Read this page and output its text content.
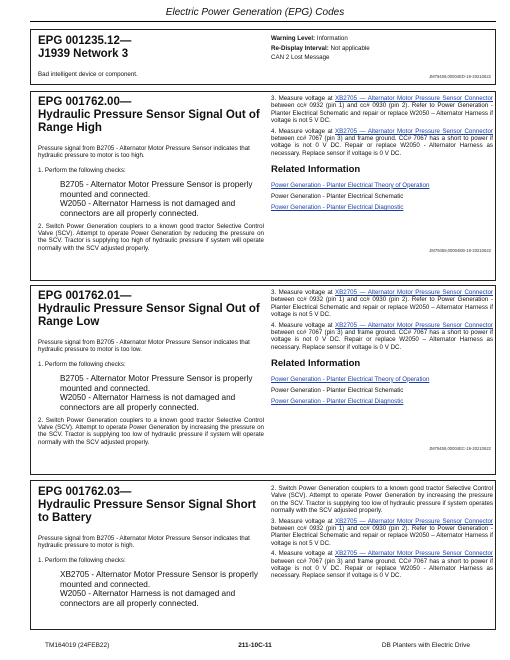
Electric Power Generation (EPG) Codes
EPG 001235.12—
J1939 Network 3
Bad intelligent device or component.

Warning Level: Information

Re-Display Interval: Not applicable

CAN 2 Lost Message

JM79459,00004ED-19-20210622
EPG 001762.00—
Hydraulic Pressure Sensor Signal Out of Range High
Pressure signal from B2705 - Alternator Motor Pressure Sensor indicates that hydraulic pressure to motor is too high.
1. Perform the following checks:
B2705 - Alternator Motor Pressure Sensor is properly mounted and connected.
W2050 - Alternator Harness is not damaged and connectors are all properly connected.
2. Switch Power Generation couplers to a known good tractor Selective Control Valve (SCV). Attempt to operate Power Generation by reducing the pressure on the SCV. Tractor is supplying too high of hydraulic pressure if system will operate normally with the SCV adjusted properly.

3. Measure voltage at XB2705 — Alternator Motor Pressure Sensor Connector between cc# 0932 (pin 1) and cc# 0930 (pin 2). Refer to Power Generation - Planter Electrical Schematic and repair or replace W2050 – Alternator Harness if voltage is not 5 V DC.

4. Measure voltage at XB2705 — Alternator Motor Pressure Sensor Connector between cc# 7067 (pin 3) and frame ground. CC# 7067 has a short to power if voltage is not 0 V DC. Repair or replace W2050 - Alternator Harness as necessary. Replace sensor if voltage is 0 V DC.

Related Information

Power Generation - Planter Electrical Theory of Operation

Power Generation - Planter Electrical Schematic

Power Generation - Planter Electrical Diagnostic

JM79459,00004EB-19-20210622
EPG 001762.01—
Hydraulic Pressure Sensor Signal Out of Range Low
Pressure signal from B2705 - Alternator Motor Pressure Sensor indicates that hydraulic pressure to motor is too low.
1. Perform the following checks:
B2705 - Alternator Motor Pressure Sensor is properly mounted and connected.
W2050 - Alternator Harness is not damaged and connectors are all properly connected.
2. Switch Power Generation couplers to a known good tractor Selective Control Valve (SCV). Attempt to operate Power Generation by increasing the pressure on the SCV. Tractor is supplying too low of hydraulic pressure if system will operate normally with the SCV adjusted properly.

3. Measure voltage at XB2705 — Alternator Motor Pressure Sensor Connector between cc# 0932 (pin 1) and cc# 0930 (pin 2). Refer to Power Generation - Planter Electrical Schematic and repair or replace W2050 – Alternator Harness if voltage is not 5 V DC.

4. Measure voltage at XB2705 — Alternator Motor Pressure Sensor Connector between cc# 7067 (pin 3) and frame ground. CC# 7067 has a short to power if voltage is not 0 V DC. Repair or replace W2050 – Alternator Harness as necessary. Replace sensor if voltage is 0 V DC.

Related Information

Power Generation - Planter Electrical Theory of Operation

Power Generation - Planter Electrical Schematic

Power Generation - Planter Electrical Diagnostic

JM79459,00004EC-19-20210622
EPG 001762.03—
Hydraulic Pressure Sensor Signal Short to Battery
Pressure signal from B2705 - Alternator Motor Pressure Sensor indicates that hydraulic pressure to motor is high.
1. Perform the following checks:
XB2705 - Alternator Motor Pressure Sensor is properly mounted and connected.
W2050 - Alternator Harness is not damaged and connectors are all properly connected.

2. Switch Power Generation couplers to a known good tractor Selective Control Valve (SCV). Attempt to operate Power Generation by increasing the pressure on the SCV. Tractor is supplying too low of hydraulic pressure if system operates normally with the SCV adjusted properly.

3. Measure voltage at XB2705 — Alternator Motor Pressure Sensor Connector between cc# 0932 (pin 1) and cc# 0930 (pin 2). Refer to Power Generation - Planter Electrical Schematic and repair or replace W2050 – Alternator Harness if voltage is not 5 V DC.

4. Measure voltage at XB2705 — Alternator Motor Pressure Sensor Connector between cc# 7067 (pin 3) and frame ground. CC# 7067 has a short to power if voltage is not 0 V DC. Repair or replace W2050 - Alternator Harness as necessary. Replace sensor if voltage is 0 V DC.

TM164019 (24FEB22)	211-10C-11	DB Planters with Electric Drive
